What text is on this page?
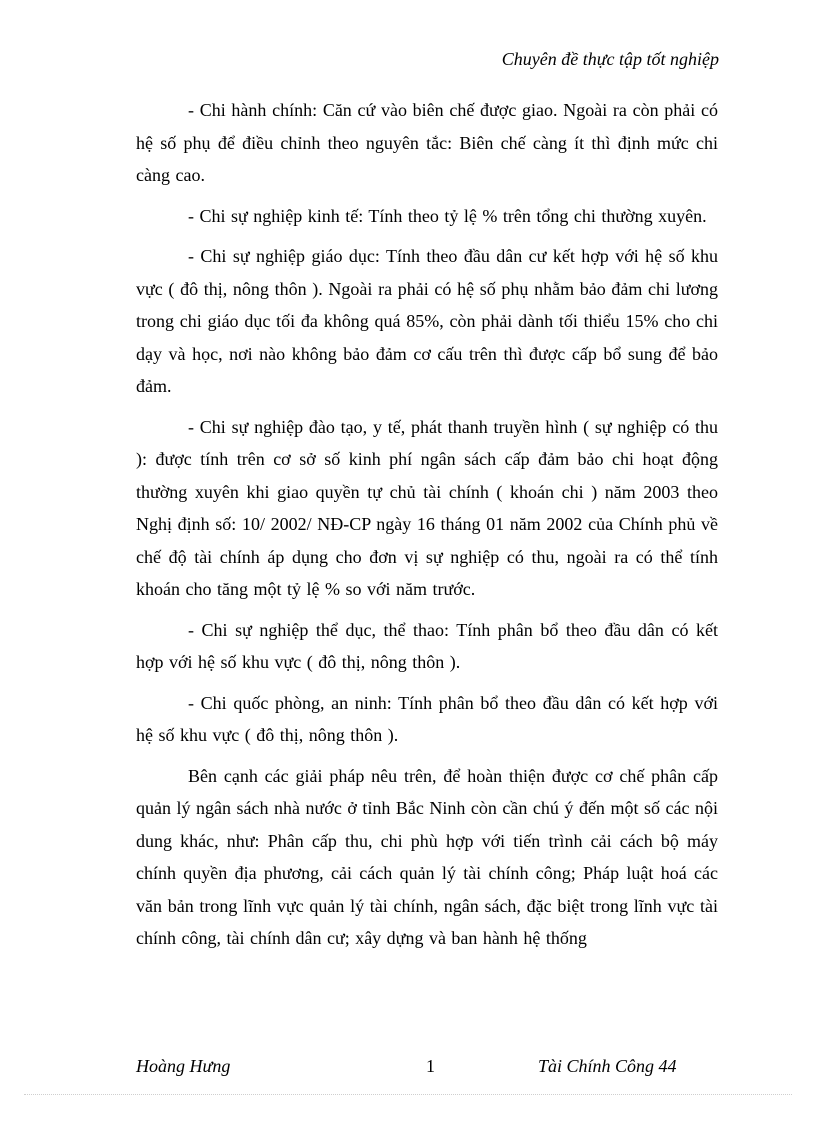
Chuyên đề thực tập tốt nghiệp

- Chi hành chính: Căn cứ vào biên chế được giao. Ngoài ra còn phải có hệ số phụ để điều chỉnh theo nguyên tắc: Biên chế càng ít thì định mức chi càng cao.

- Chi sự nghiệp kinh tế: Tính theo tỷ lệ % trên tổng chi thường xuyên.

- Chi sự nghiệp giáo dục: Tính theo đầu dân cư kết hợp với hệ số khu vực ( đô thị, nông thôn ). Ngoài ra phải có hệ số phụ nhằm bảo đảm chi lương trong chi giáo dục tối đa không quá 85%, còn phải dành tối thiểu 15% cho chi dạy và học, nơi nào không bảo đảm cơ cấu trên thì được cấp bổ sung để bảo đảm.

- Chi sự nghiệp đào tạo, y tế, phát thanh truyền hình ( sự nghiệp có thu ): được tính trên cơ sở số kinh phí ngân sách cấp đảm bảo chi hoạt động thường xuyên khi giao quyền tự chủ tài chính ( khoán chi ) năm 2003 theo Nghị định số: 10/ 2002/ NĐ-CP ngày 16 tháng 01 năm 2002 của Chính phủ về chế độ tài chính áp dụng cho đơn vị sự nghiệp có thu, ngoài ra có thể tính khoán cho tăng một tỷ lệ % so với năm trước.

- Chi sự nghiệp thể dục, thể thao: Tính phân bổ theo đầu dân có kết hợp với hệ số khu vực ( đô thị, nông thôn ).

- Chi quốc phòng, an ninh: Tính phân bổ theo đầu dân có kết hợp với hệ số khu vực ( đô thị, nông thôn ).

Bên cạnh các giải pháp nêu trên, để hoàn thiện được cơ chế phân cấp quản lý ngân sách nhà nước ở tỉnh Bắc Ninh còn cần chú ý đến một số các nội dung khác, như: Phân cấp thu, chi phù hợp với tiến trình cải cách bộ máy chính quyền địa phương, cải cách quản lý tài chính công; Pháp luật hoá các văn bản trong lĩnh vực quản lý tài chính, ngân sách, đặc biệt trong lĩnh vực tài chính công, tài chính dân cư; xây dựng và ban hành hệ thống

Hoàng Hưng	1	Tài Chính Công 44
